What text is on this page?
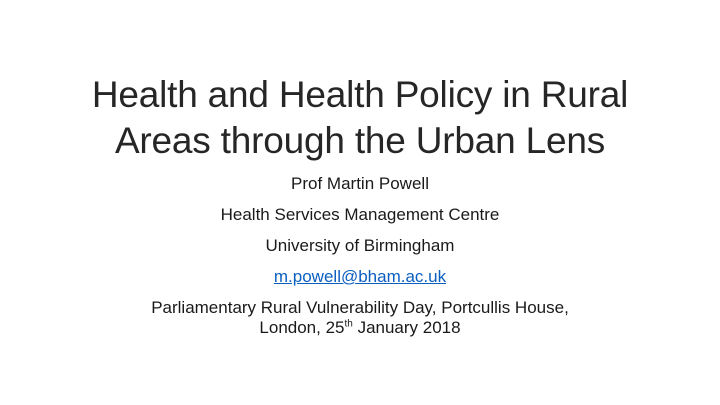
Health and Health Policy in Rural
Areas through the Urban Lens
Prof Martin Powell
Health Services Management Centre
University of Birmingham
m.powell@bham.ac.uk
Parliamentary Rural Vulnerability Day, Portcullis House,
London, 25th January 2018
